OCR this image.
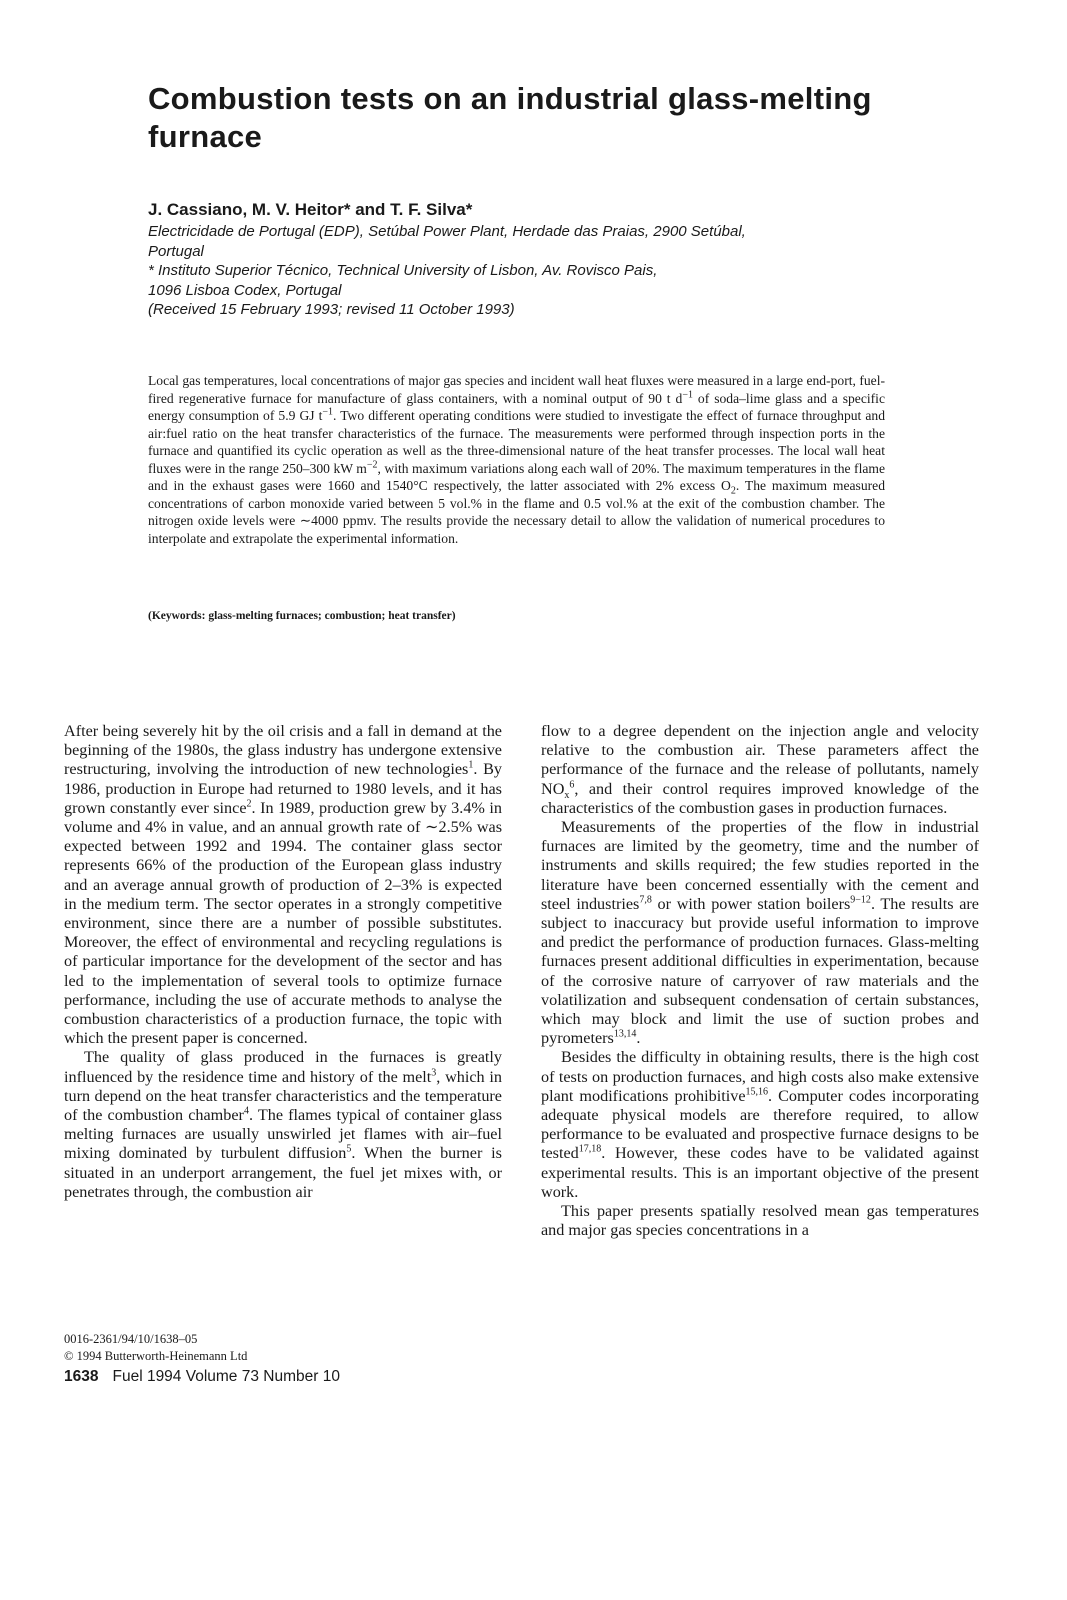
Combustion tests on an industrial glass-melting furnace
J. Cassiano, M. V. Heitor* and T. F. Silva*
Electricidade de Portugal (EDP), Setúbal Power Plant, Herdade das Praias, 2900 Setúbal,
Portugal
* Instituto Superior Técnico, Technical University of Lisbon, Av. Rovisco Pais,
1096 Lisboa Codex, Portugal
(Received 15 February 1993; revised 11 October 1993)

Local gas temperatures, local concentrations of major gas species and incident wall heat fluxes were measured in a large end-port, fuel-fired regenerative furnace for manufacture of glass containers, with a nominal output of 90 t $d^{-1}$ of soda–lime glass and a specific energy consumption of 5.9 GJ $t^{-1}$. Two different operating conditions were studied to investigate the effect of furnace throughput and air:fuel ratio on the heat transfer characteristics of the furnace. The measurements were performed through inspection ports in the furnace and quantified its cyclic operation as well as the three-dimensional nature of the heat transfer processes. The local wall heat fluxes were in the range 250–300 kW $m^{-2}$, with maximum variations along each wall of 20%. The maximum temperatures in the flame and in the exhaust gases were 1660 and 1540°C respectively, the latter associated with 2% excess $O_2$. The maximum measured concentrations of carbon monoxide varied between 5 vol.% in the flame and 0.5 vol.% at the exit of the combustion chamber. The nitrogen oxide levels were ∼4000 ppmv. The results provide the necessary detail to allow the validation of numerical procedures to interpolate and extrapolate the experimental information.

(Keywords: glass-melting furnaces; combustion; heat transfer)

After being severely hit by the oil crisis and a fall in demand at the beginning of the 1980s, the glass industry has undergone extensive restructuring, involving the introduction of new technologies$^1$. By 1986, production in Europe had returned to 1980 levels, and it has grown constantly ever since$^2$. In 1989, production grew by 3.4% in volume and 4% in value, and an annual growth rate of ∼2.5% was expected between 1992 and 1994. The container glass sector represents 66% of the production of the European glass industry and an average annual growth of production of 2–3% is expected in the medium term. The sector operates in a strongly competitive environment, since there are a number of possible substitutes. Moreover, the effect of environmental and recycling regulations is of particular importance for the development of the sector and has led to the implementation of several tools to optimize furnace performance, including the use of accurate methods to analyse the combustion characteristics of a production furnace, the topic with which the present paper is concerned.

The quality of glass produced in the furnaces is greatly influenced by the residence time and history of the melt$^3$, which in turn depend on the heat transfer characteristics and the temperature of the combustion chamber$^4$. The flames typical of container glass melting furnaces are usually unswirled jet flames with air–fuel mixing dominated by turbulent diffusion$^5$. When the burner is situated in an underport arrangement, the fuel jet mixes with, or penetrates through, the combustion air

flow to a degree dependent on the injection angle and velocity relative to the combustion air. These parameters affect the performance of the furnace and the release of pollutants, namely $NO_x^6$, and their control requires improved knowledge of the characteristics of the combustion gases in production furnaces.

Measurements of the properties of the flow in industrial furnaces are limited by the geometry, time and the number of instruments and skills required; the few studies reported in the literature have been concerned essentially with the cement and steel industries$^{7,8}$ or with power station boilers$^{9-12}$. The results are subject to inaccuracy but provide useful information to improve and predict the performance of production furnaces. Glass-melting furnaces present additional difficulties in experimentation, because of the corrosive nature of carryover of raw materials and the volatilization and subsequent condensation of certain substances, which may block and limit the use of suction probes and pyrometers$^{13,14}$.

Besides the difficulty in obtaining results, there is the high cost of tests on production furnaces, and high costs also make extensive plant modifications prohibitive$^{15,16}$. Computer codes incorporating adequate physical models are therefore required, to allow performance to be evaluated and prospective furnace designs to be tested$^{17,18}$. However, these codes have to be validated against experimental results. This is an important objective of the present work.

This paper presents spatially resolved mean gas temperatures and major gas species concentrations in a

0016-2361/94/10/1638–05
© 1994 Butterworth-Heinemann Ltd
1638 Fuel 1994 Volume 73 Number 10
